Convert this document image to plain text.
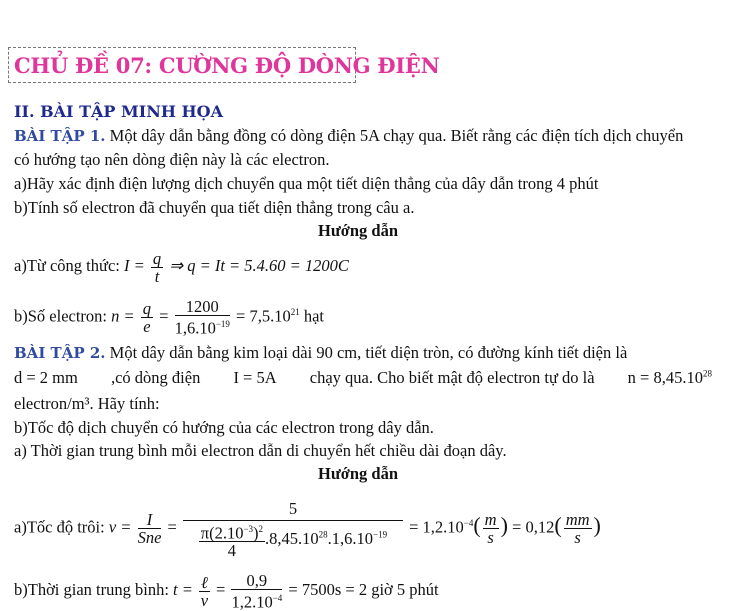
CHỦ ĐỀ 07: CƯỜNG ĐỘ DÒNG ĐIỆN
II. BÀI TẬP MINH HỌA
BÀI TẬP 1. Một dây dẫn bằng đồng có dòng điện 5A chạy qua. Biết rằng các điện tích dịch chuyển
có hướng tạo nên dòng điện này là các electron.
a)Hãy xác định điện lượng dịch chuyển qua một tiết diện thẳng của dây dẫn trong 4 phút
b)Tính số electron đã chuyển qua tiết diện thẳng trong câu a.
Hướng dẫn
a)Từ công thức: $I = \frac{q}{t}$ ⇒ q = It = 5.4.60 = 1200C
b)Số electron: $n = \frac{q}{e} = \frac{1200}{1,6.10^{-19}} = 7,5.10^{21}$ hạt
BÀI TẬP 2. Một dây dẫn bằng kim loại dài 90 cm, tiết diện tròn, có đường kính tiết diện là
d = 2 mm ,có dòng điện I = 5A chạy qua. Cho biết mật độ electron tự do là $n = 8,45.10^{28}$
electron/m³. Hãy tính:
b)Tốc độ dịch chuyển có hướng của các electron trong dây dẫn.
a) Thời gian trung bình mỗi electron dẫn di chuyển hết chiều dài đoạn dây.
Hướng dẫn
a)Tốc độ trôi: $v = \frac{I}{\text{Sne}} = \frac{5}{\frac{\pi(2.10^{-3})^2}{4} .8,45.10^{28}.1,6.10^{-19}} = 1,2.10^{-4}( \frac{m}{s}$ ) = $0,12( \frac{mm}{s}$ )
b)Thời gian trung bình: $t = \frac{\text{ℓ}}{v} = \frac{0,9}{1,2.10^{-4}} = 7500s = 2$ giờ 5 phút
